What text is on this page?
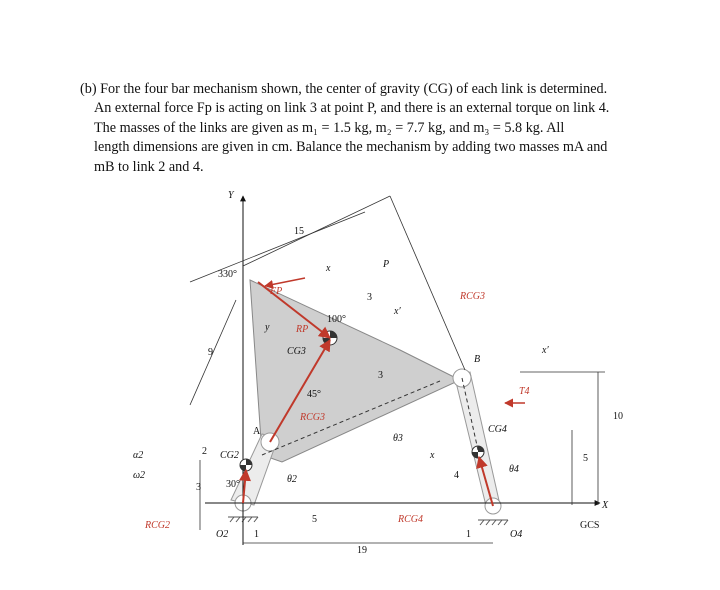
(b) For the four bar mechanism shown, the center of gravity (CG) of each link is determined.

An external force Fp is acting on link 3 at point P, and there is an external torque on link 4.

The masses of the links are given as m₁ = 1.5 kg, m₂ = 7.7 kg, and m₃ = 5.8 kg. All

length dimensions are given in cm. Balance the mechanism by adding two masses mA and

mB to link 2 and 4.

Y
X
GCS
330°
100°
45°
30°
15
9
3
3
2
3
1
5
19
4
1
10
5
P
A
B
FP
RP
CG3
CG2
CG4
RCG3
RCG3
RCG4
RCG2
T4
O2	O4
θ2
θ3
θ4
α2
ω2
x
y
x′
x′
x
